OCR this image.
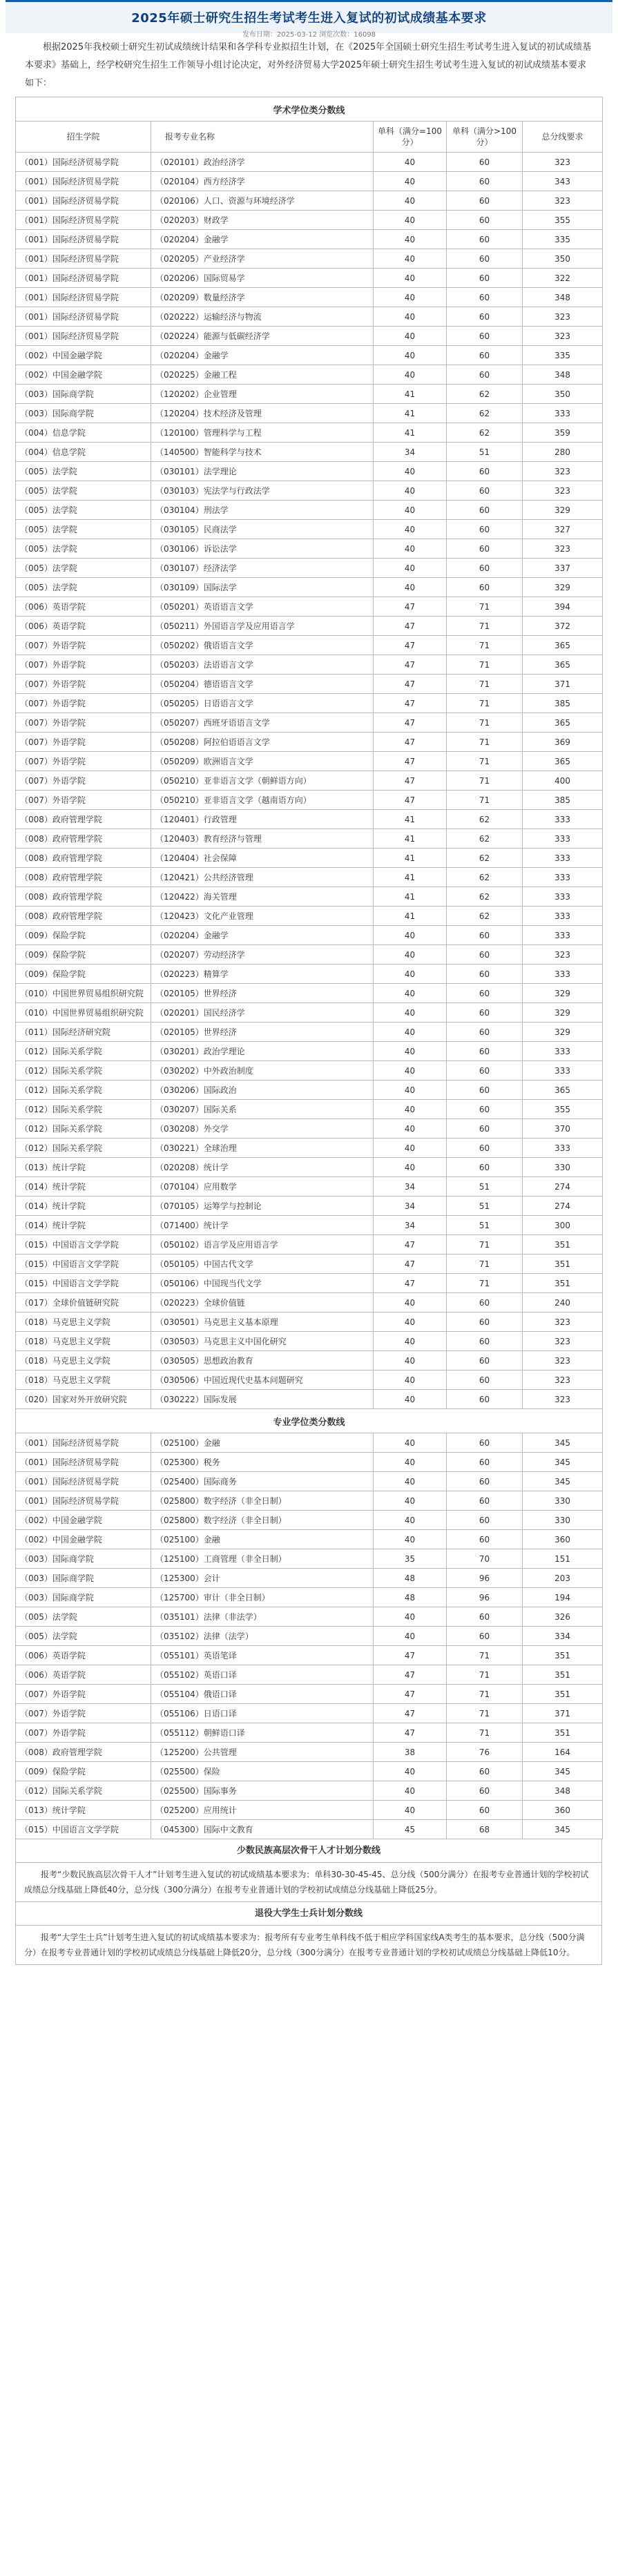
2025年硕士研究生招生考试考生进入复试的初试成绩基本要求
发布日期：2025-03-12 浏览次数：16098

根据2025年我校硕士研究生初试成绩统计结果和各学科专业拟招生计划，在《2025年全国硕士研究生招生考试考生进入复试的初试成绩基本要求》基础上，经学校研究生招生工作领导小组讨论决定，对外经济贸易大学2025年硕士研究生招生考试考生进入复试的初试成绩基本要求如下：

学术学位类分数线				
招生学院	报考专业名称	单科（满分=100分）	单科（满分>100分）	总分线要求
（001）国际经济贸易学院	（020101）政治经济学	40	60	323
（001）国际经济贸易学院	（020104）西方经济学	40	60	343
（001）国际经济贸易学院	（020106）人口、资源与环境经济学	40	60	323
（001）国际经济贸易学院	（020203）财政学	40	60	355
（001）国际经济贸易学院	（020204）金融学	40	60	335
（001）国际经济贸易学院	（020205）产业经济学	40	60	350
（001）国际经济贸易学院	（020206）国际贸易学	40	60	322
（001）国际经济贸易学院	（020209）数量经济学	40	60	348
（001）国际经济贸易学院	（020222）运输经济与物流	40	60	323
（001）国际经济贸易学院	（020224）能源与低碳经济学	40	60	323
（002）中国金融学院	（020204）金融学	40	60	335
（002）中国金融学院	（020225）金融工程	40	60	348
（003）国际商学院	（120202）企业管理	41	62	350
（003）国际商学院	（120204）技术经济及管理	41	62	333
（004）信息学院	（120100）管理科学与工程	41	62	359
（004）信息学院	（140500）智能科学与技术	34	51	280
（005）法学院	（030101）法学理论	40	60	323
（005）法学院	（030103）宪法学与行政法学	40	60	323
（005）法学院	（030104）刑法学	40	60	329
（005）法学院	（030105）民商法学	40	60	327
（005）法学院	（030106）诉讼法学	40	60	323
（005）法学院	（030107）经济法学	40	60	337
（005）法学院	（030109）国际法学	40	60	329
（006）英语学院	（050201）英语语言文学	47	71	394
（006）英语学院	（050211）外国语言学及应用语言学	47	71	372
（007）外语学院	（050202）俄语语言文学	47	71	365
（007）外语学院	（050203）法语语言文学	47	71	365
（007）外语学院	（050204）德语语言文学	47	71	371
（007）外语学院	（050205）日语语言文学	47	71	385
（007）外语学院	（050207）西班牙语语言文学	47	71	365
（007）外语学院	（050208）阿拉伯语语言文学	47	71	369
（007）外语学院	（050209）欧洲语言文学	47	71	365
（007）外语学院	（050210）亚非语言文学（朝鲜语方向）	47	71	400
（007）外语学院	（050210）亚非语言文学（越南语方向）	47	71	385
（008）政府管理学院	（120401）行政管理	41	62	333
（008）政府管理学院	（120403）教育经济与管理	41	62	333
（008）政府管理学院	（120404）社会保障	41	62	333
（008）政府管理学院	（120421）公共经济管理	41	62	333
（008）政府管理学院	（120422）海关管理	41	62	333
（008）政府管理学院	（120423）文化产业管理	41	62	333
（009）保险学院	（020204）金融学	40	60	333
（009）保险学院	（020207）劳动经济学	40	60	323
（009）保险学院	（020223）精算学	40	60	333
（010）中国世界贸易组织研究院	（020105）世界经济	40	60	329
（010）中国世界贸易组织研究院	（020201）国民经济学	40	60	329
（011）国际经济研究院	（020105）世界经济	40	60	329
（012）国际关系学院	（030201）政治学理论	40	60	333
（012）国际关系学院	（030202）中外政治制度	40	60	333
（012）国际关系学院	（030206）国际政治	40	60	365
（012）国际关系学院	（030207）国际关系	40	60	355
（012）国际关系学院	（030208）外交学	40	60	370
（012）国际关系学院	（030221）全球治理	40	60	333
（013）统计学院	（020208）统计学	40	60	330
（014）统计学院	（070104）应用数学	34	51	274
（014）统计学院	（070105）运筹学与控制论	34	51	274
（014）统计学院	（071400）统计学	34	51	300
（015）中国语言文学学院	（050102）语言学及应用语言学	47	71	351
（015）中国语言文学学院	（050105）中国古代文学	47	71	351
（015）中国语言文学学院	（050106）中国现当代文学	47	71	351
（017）全球价值链研究院	（020223）全球价值链	40	60	240
（018）马克思主义学院	（030501）马克思主义基本原理	40	60	323
（018）马克思主义学院	（030503）马克思主义中国化研究	40	60	323
（018）马克思主义学院	（030505）思想政治教育	40	60	323
（018）马克思主义学院	（030506）中国近现代史基本问题研究	40	60	323
（020）国家对外开放研究院	（030222）国际发展	40	60	323
专业学位类分数线				
（001）国际经济贸易学院	（025100）金融	40	60	345
（001）国际经济贸易学院	（025300）税务	40	60	345
（001）国际经济贸易学院	（025400）国际商务	40	60	345
（001）国际经济贸易学院	（025800）数字经济（非全日制）	40	60	330
（002）中国金融学院	（025800）数字经济（非全日制）	40	60	330
（002）中国金融学院	（025100）金融	40	60	360
（003）国际商学院	（125100）工商管理（非全日制）	35	70	151
（003）国际商学院	（125300）会计	48	96	203
（003）国际商学院	（125700）审计（非全日制）	48	96	194
（005）法学院	（035101）法律（非法学）	40	60	326
（005）法学院	（035102）法律（法学）	40	60	334
（006）英语学院	（055101）英语笔译	47	71	351
（006）英语学院	（055102）英语口译	47	71	351
（007）外语学院	（055104）俄语口译	47	71	351
（007）外语学院	（055106）日语口译	47	71	371
（007）外语学院	（055112）朝鲜语口译	47	71	351
（008）政府管理学院	（125200）公共管理	38	76	164
（009）保险学院	（025500）保险	40	60	345
（012）国际关系学院	（025500）国际事务	40	60	348
（013）统计学院	（025200）应用统计	40	60	360
（015）中国语言文学学院	（045300）国际中文教育	45	68	345
少数民族高层次骨干人才计划分数线

报考“少数民族高层次骨干人才”计划考生进入复试的初试成绩基本要求为：单科30-30-45-45、总分线（500分满分）在报考专业普通计划的学校初试成绩总分线基础上降低40分，总分线（300分满分）在报考专业普通计划的学校初试成绩总分线基础上降低25分。

退役大学生士兵计划分数线

报考“大学生士兵”计划考生进入复试的初试成绩基本要求为：报考所有专业考生单科线不低于相应学科国家线A类考生的基本要求，总分线（500分满分）在报考专业普通计划的学校初试成绩总分线基础上降低20分，总分线（300分满分）在报考专业普通计划的学校初试成绩总分线基础上降低10分。
